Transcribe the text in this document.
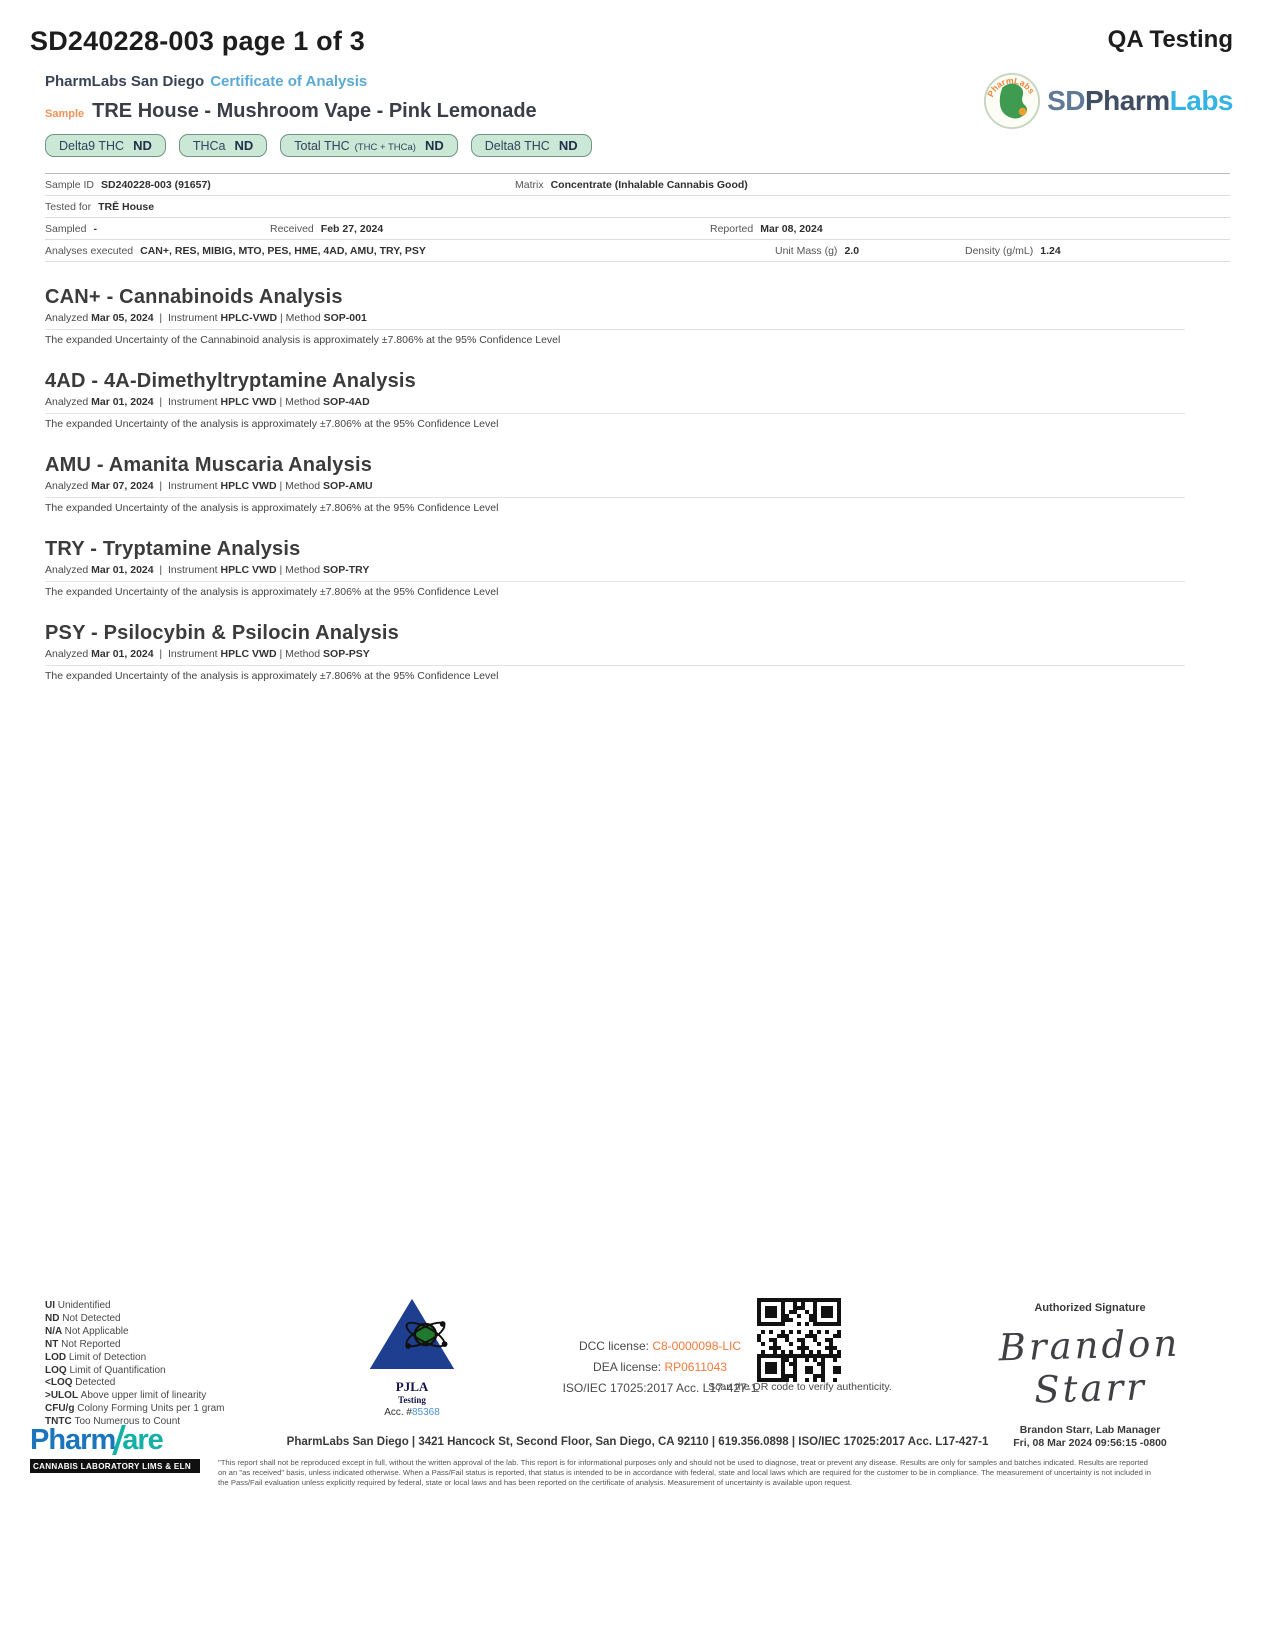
SD240228-003 page 1 of 3	QA Testing
PharmLabs SDPharmLabs
PharmLabs San Diego Certificate of Analysis
Sample TRE House - Mushroom Vape - Pink Lemonade
Delta9 THC ND	THCa ND	Total THC (THC + THCa) ND	Delta8 THC ND
Sample ID SD240228-003 (91657)	Matrix Concentrate (Inhalable Cannabis Good)
Tested for TRĒ House
Sampled -	Received Feb 27, 2024	Reported Mar 08, 2024
Analyses executed CAN+, RES, MIBIG, MTO, PES, HME, 4AD, AMU, TRY, PSY	Unit Mass (g) 2.0	Density (g/mL) 1.24
CAN+ - Cannabinoids Analysis
Analyzed Mar 05, 2024  |  Instrument HPLC-VWD | Method SOP-001
The expanded Uncertainty of the Cannabinoid analysis is approximately ±7.806% at the 95% Confidence Level
4AD - 4A-Dimethyltryptamine Analysis
Analyzed Mar 01, 2024  |  Instrument HPLC VWD | Method SOP-4AD
The expanded Uncertainty of the analysis is approximately ±7.806% at the 95% Confidence Level
AMU - Amanita Muscaria Analysis
Analyzed Mar 07, 2024  |  Instrument HPLC VWD | Method SOP-AMU
The expanded Uncertainty of the analysis is approximately ±7.806% at the 95% Confidence Level
TRY - Tryptamine Analysis
Analyzed Mar 01, 2024  |  Instrument HPLC VWD | Method SOP-TRY
The expanded Uncertainty of the analysis is approximately ±7.806% at the 95% Confidence Level
PSY - Psilocybin & Psilocin Analysis
Analyzed Mar 01, 2024  |  Instrument HPLC VWD | Method SOP-PSY
The expanded Uncertainty of the analysis is approximately ±7.806% at the 95% Confidence Level
UI Unidentified
ND Not Detected
N/A Not Applicable
NT Not Reported
LOD Limit of Detection
LOQ Limit of Quantification
<LOQ Detected
>ULOL Above upper limit of linearity
CFU/g Colony Forming Units per 1 gram
TNTC Too Numerous to Count
PJLA
Testing
Acc. #85368
DCC license: C8-0000098-LIC
DEA license: RP0611043
ISO/IEC 17025:2017 Acc. L17-427-1
Scan the QR code to verify authenticity.
Authorized Signature
Brandon Starr
Brandon Starr, Lab Manager
Fri, 08 Mar 2024 09:56:15 -0800
PharmLabs San Diego | 3421 Hancock St, Second Floor, San Diego, CA 92110 | 619.356.0898 | ISO/IEC 17025:2017 Acc. L17-427-1
"This report shall not be reproduced except in full, without the written approval of the lab. This report is for informational purposes only and should not be used to diagnose, treat or prevent any disease. Results are only for samples and batches indicated. Results are reported on an "as received" basis, unless indicated otherwise. When a Pass/Fail status is reported, that status is intended to be in accordance with federal, state and local laws which are required for the customer to be in compliance. The measurement of uncertainty is not included in the Pass/Fail evaluation unless explicitly required by federal, state or local laws and has been reported on the certificate of analysis. Measurement of uncertainty is available upon request.
Pharm are
CANNABIS LABORATORY LIMS & ELN
